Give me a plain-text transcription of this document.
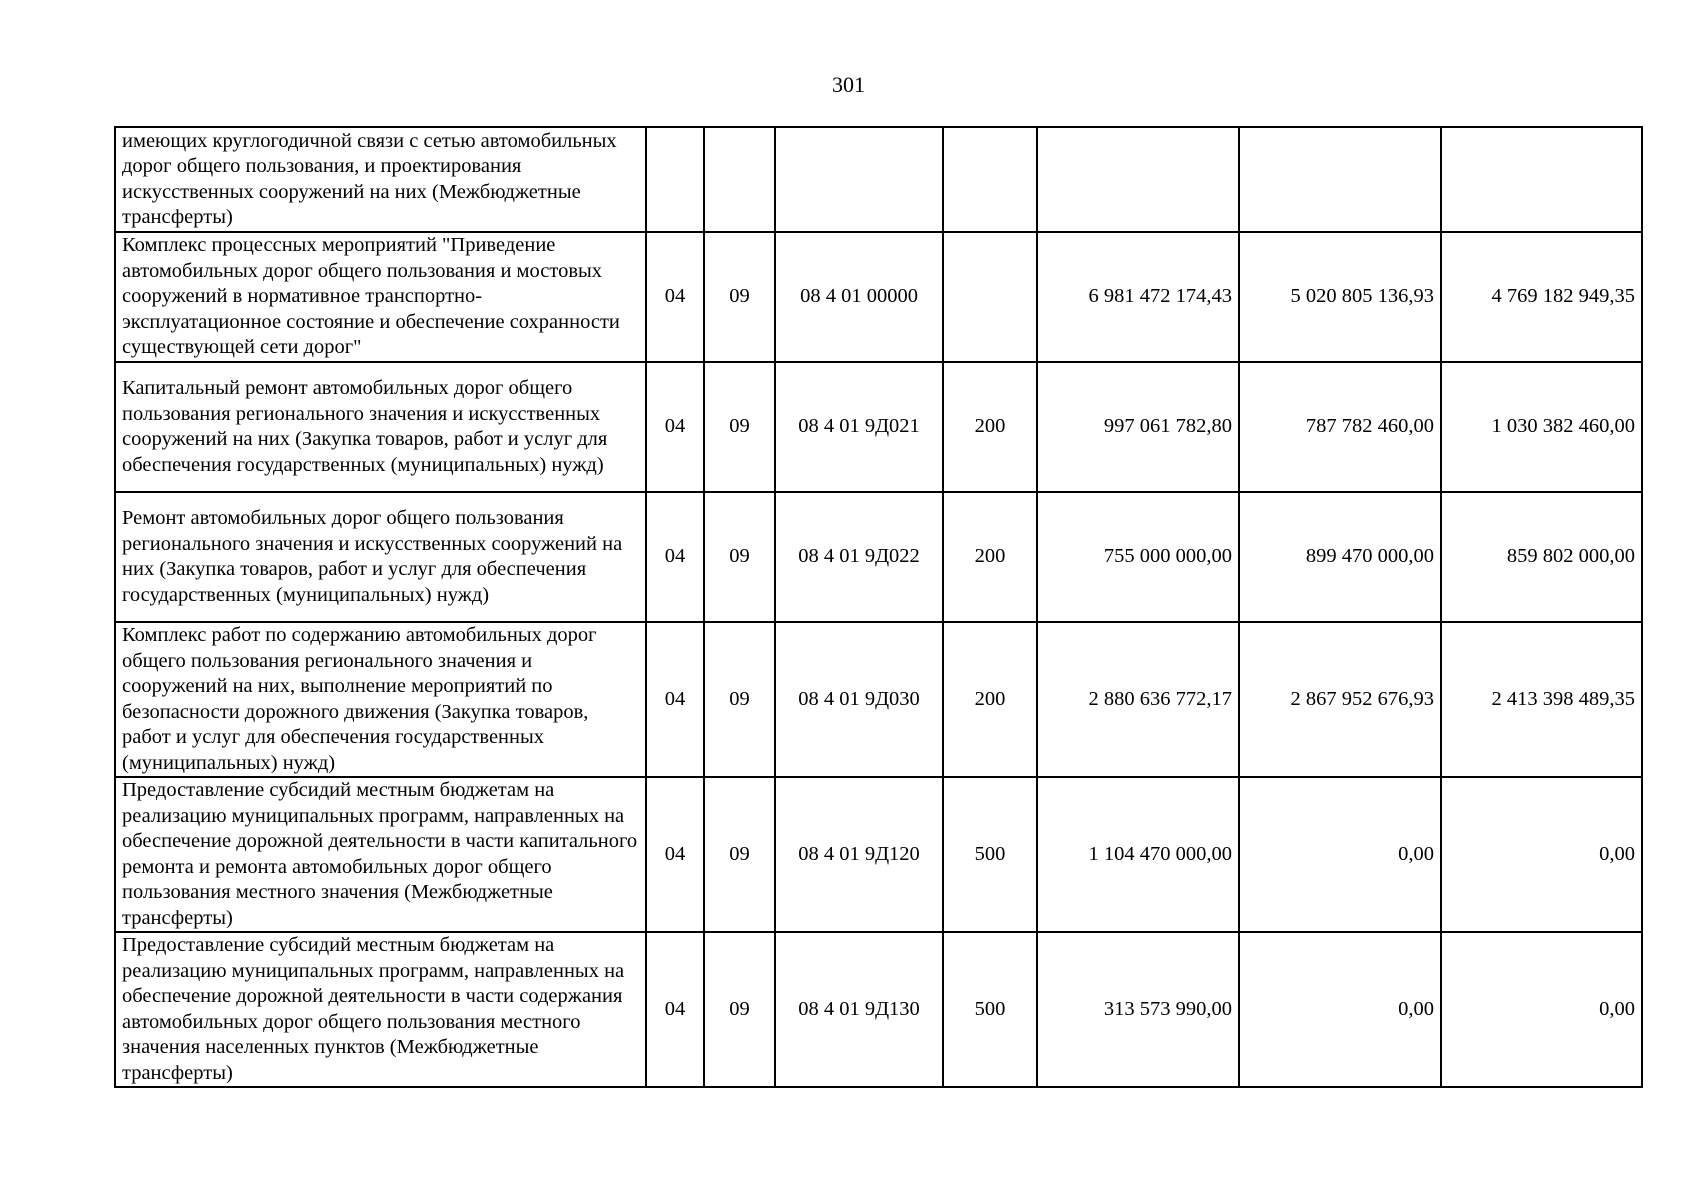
301
имеющих круглогодичной связи с сетью автомобильных дорог общего пользования, и проектирования искусственных сооружений на них (Межбюджетные трансферты)							
Комплекс процессных мероприятий "Приведение автомобильных дорог общего пользования и мостовых сооружений в нормативное транспортно-эксплуатационное состояние и обеспечение сохранности существующей сети дорог"	04	09	08 4 01 00000		6 981 472 174,43	5 020 805 136,93	4 769 182 949,35
Капитальный ремонт автомобильных дорог общего пользования регионального значения и искусственных сооружений на них (Закупка товаров, работ и услуг для обеспечения государственных (муниципальных) нужд)	04	09	08 4 01 9Д021	200	997 061 782,80	787 782 460,00	1 030 382 460,00
Ремонт автомобильных дорог общего пользования регионального значения и искусственных сооружений на них (Закупка товаров, работ и услуг для обеспечения государственных (муниципальных) нужд)	04	09	08 4 01 9Д022	200	755 000 000,00	899 470 000,00	859 802 000,00
Комплекс работ по содержанию автомобильных дорог общего пользования регионального значения и сооружений на них, выполнение мероприятий по безопасности дорожного движения (Закупка товаров, работ и услуг для обеспечения государственных (муниципальных) нужд)	04	09	08 4 01 9Д030	200	2 880 636 772,17	2 867 952 676,93	2 413 398 489,35
Предоставление субсидий местным бюджетам на реализацию муниципальных программ, направленных на обеспечение дорожной деятельности в части капитального ремонта и ремонта автомобильных дорог общего пользования местного значения (Межбюджетные трансферты)	04	09	08 4 01 9Д120	500	1 104 470 000,00	0,00	0,00
Предоставление субсидий местным бюджетам на реализацию муниципальных программ, направленных на обеспечение дорожной деятельности в части содержания автомобильных дорог общего пользования местного значения населенных пунктов (Межбюджетные трансферты)	04	09	08 4 01 9Д130	500	313 573 990,00	0,00	0,00
